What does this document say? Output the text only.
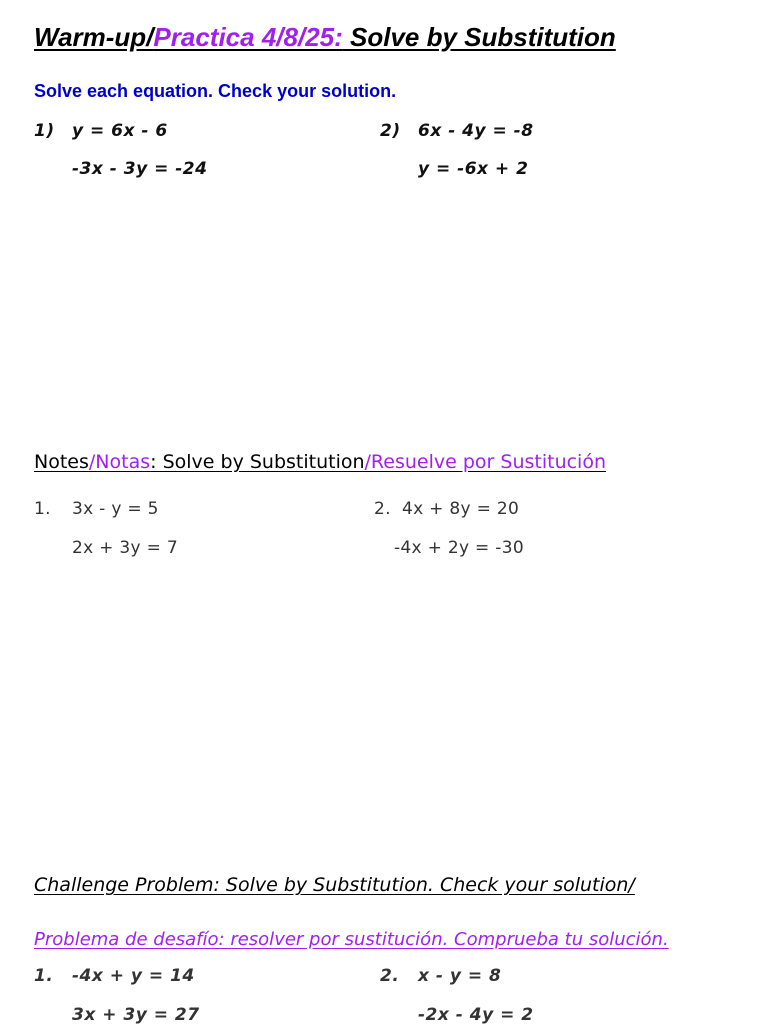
Warm-up/Practica 4/8/25: Solve by Substitution
Solve each equation. Check your solution.
1) y = 6x - 6
-3x - 3y = -24
2) 6x - 4y = -8
y = -6x + 2
Notes/Notas: Solve by Substitution/Resuelve por Sustitución
1. 3x - y = 5
2x + 3y = 7
2. 4x + 8y = 20
-4x + 2y = -30
Challenge Problem: Solve by Substitution. Check your solution/
Problema de desafío: resolver por sustitución. Comprueba tu solución.
1. -4x + y = 14
3x + 3y = 27
2. x - y = 8
-2x - 4y = 2
